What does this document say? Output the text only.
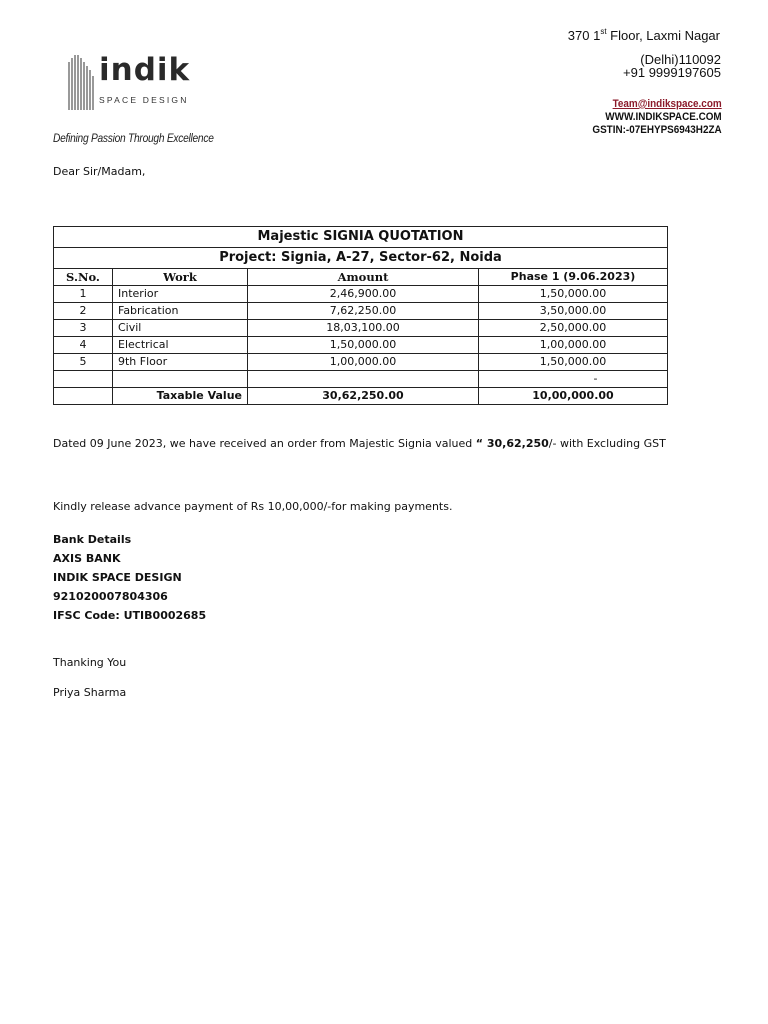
indik
SPACE DESIGN
Defining Passion Through Excellence
370 1st Floor, Laxmi Nagar
(Delhi)110092
+91 9999197605
Team@indikspace.com
WWW.INDIKSPACE.COM
GSTIN:-07EHYPS6943H2ZA
Dear Sir/Madam,
Majestic SIGNIA QUOTATION			
Project: Signia, A-27, Sector-62, Noida			
S.No.	Work	Amount	Phase 1 (9.06.2023)
1	Interior	2,46,900.00	1,50,000.00
2	Fabrication	7,62,250.00	3,50,000.00
3	Civil	18,03,100.00	2,50,000.00
4	Electrical	1,50,000.00	1,00,000.00
5	9th Floor	1,00,000.00	1,50,000.00
			-
	Taxable Value	30,62,250.00	10,00,000.00
Dated 09 June 2023, we have received an order from Majestic Signia valued “ 30,62,250/- with Excluding GST
Kindly release advance payment of Rs 10,00,000/-for making payments.
Bank Details
AXIS BANK
INDIK SPACE DESIGN
921020007804306
IFSC Code: UTIB0002685
Thanking You
Priya Sharma
